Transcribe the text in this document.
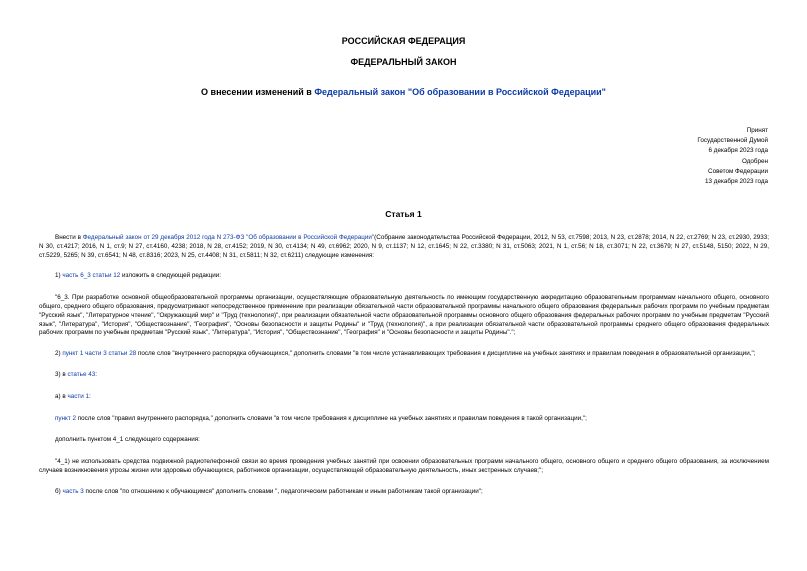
РОССИЙСКАЯ ФЕДЕРАЦИЯ
ФЕДЕРАЛЬНЫЙ ЗАКОН
О внесении изменений в Федеральный закон "Об образовании в Российской Федерации"
Принят
Государственной Думой
6 декабря 2023 года
Одобрен
Советом Федерации
13 декабря 2023 года
Статья 1

Внести в Федеральный закон от 29 декабря 2012 года N 273-ФЗ "Об образовании в Российской Федерации"(Собрание законодательства Российской Федерации, 2012, N 53, ст.7598; 2013, N 23, ст.2878; 2014, N 22, ст.2769; N 23, ст.2930, 2933; N 30, ст.4217; 2016, N 1, ст.9; N 27, ст.4160, 4238; 2018, N 28, ст.4152; 2019, N 30, ст.4134; N 49, ст.6962; 2020, N 9, ст.1137; N 12, ст.1645; N 22, ст.3380; N 31, ст.5063; 2021, N 1, ст.56; N 18, ст.3071; N 22, ст.3679; N 27, ст.5148, 5150; 2022, N 29, ст.5229, 5265; N 39, ст.6541; N 48, ст.8316; 2023, N 25, ст.4408; N 31, ст.5811; N 32, ст.6211) следующие изменения:

1) часть 6_3 статьи 12 изложить в следующей редакции:

"6_3. При разработке основной общеобразовательной программы организации, осуществляющие образовательную деятельность по имеющим государственную аккредитацию образовательным программам начального общего, основного общего, среднего общего образования, предусматривают непосредственное применение при реализации обязательной части образовательной программы начального общего образования федеральных рабочих программ по учебным предметам "Русский язык", "Литературное чтение", "Окружающий мир" и "Труд (технология)", при реализации обязательной части образовательной программы основного общего образования федеральных рабочих программ по учебным предметам "Русский язык", "Литература", "История", "Обществознание", "География", "Основы безопасности и защиты Родины" и "Труд (технология)", а при реализации обязательной части образовательной программы среднего общего образования федеральных рабочих программ по учебным предметам "Русский язык", "Литература", "История", "Обществознание", "География" и "Основы безопасности и защиты Родины".";

2) пункт 1 части 3 статьи 28 после слов "внутреннего распорядка обучающихся," дополнить словами "в том числе устанавливающих требования к дисциплине на учебных занятиях и правилам поведения в образовательной организации,";

3) в статье 43:

а) в части 1:

пункт 2 после слов "правил внутреннего распорядка," дополнить словами "в том числе требования к дисциплине на учебных занятиях и правилам поведения в такой организации,";

дополнить пунктом 4_1 следующего содержания:

"4_1) не использовать средства подвижной радиотелефонной связи во время проведения учебных занятий при освоении образовательных программ начального общего, основного общего и среднего общего образования, за исключением случаев возникновения угрозы жизни или здоровью обучающихся, работников организации, осуществляющей образовательную деятельность, иных экстренных случаев;";

б) часть 3 после слов "по отношению к обучающимся" дополнить словами ", педагогическим работникам и иным работникам такой организации";
